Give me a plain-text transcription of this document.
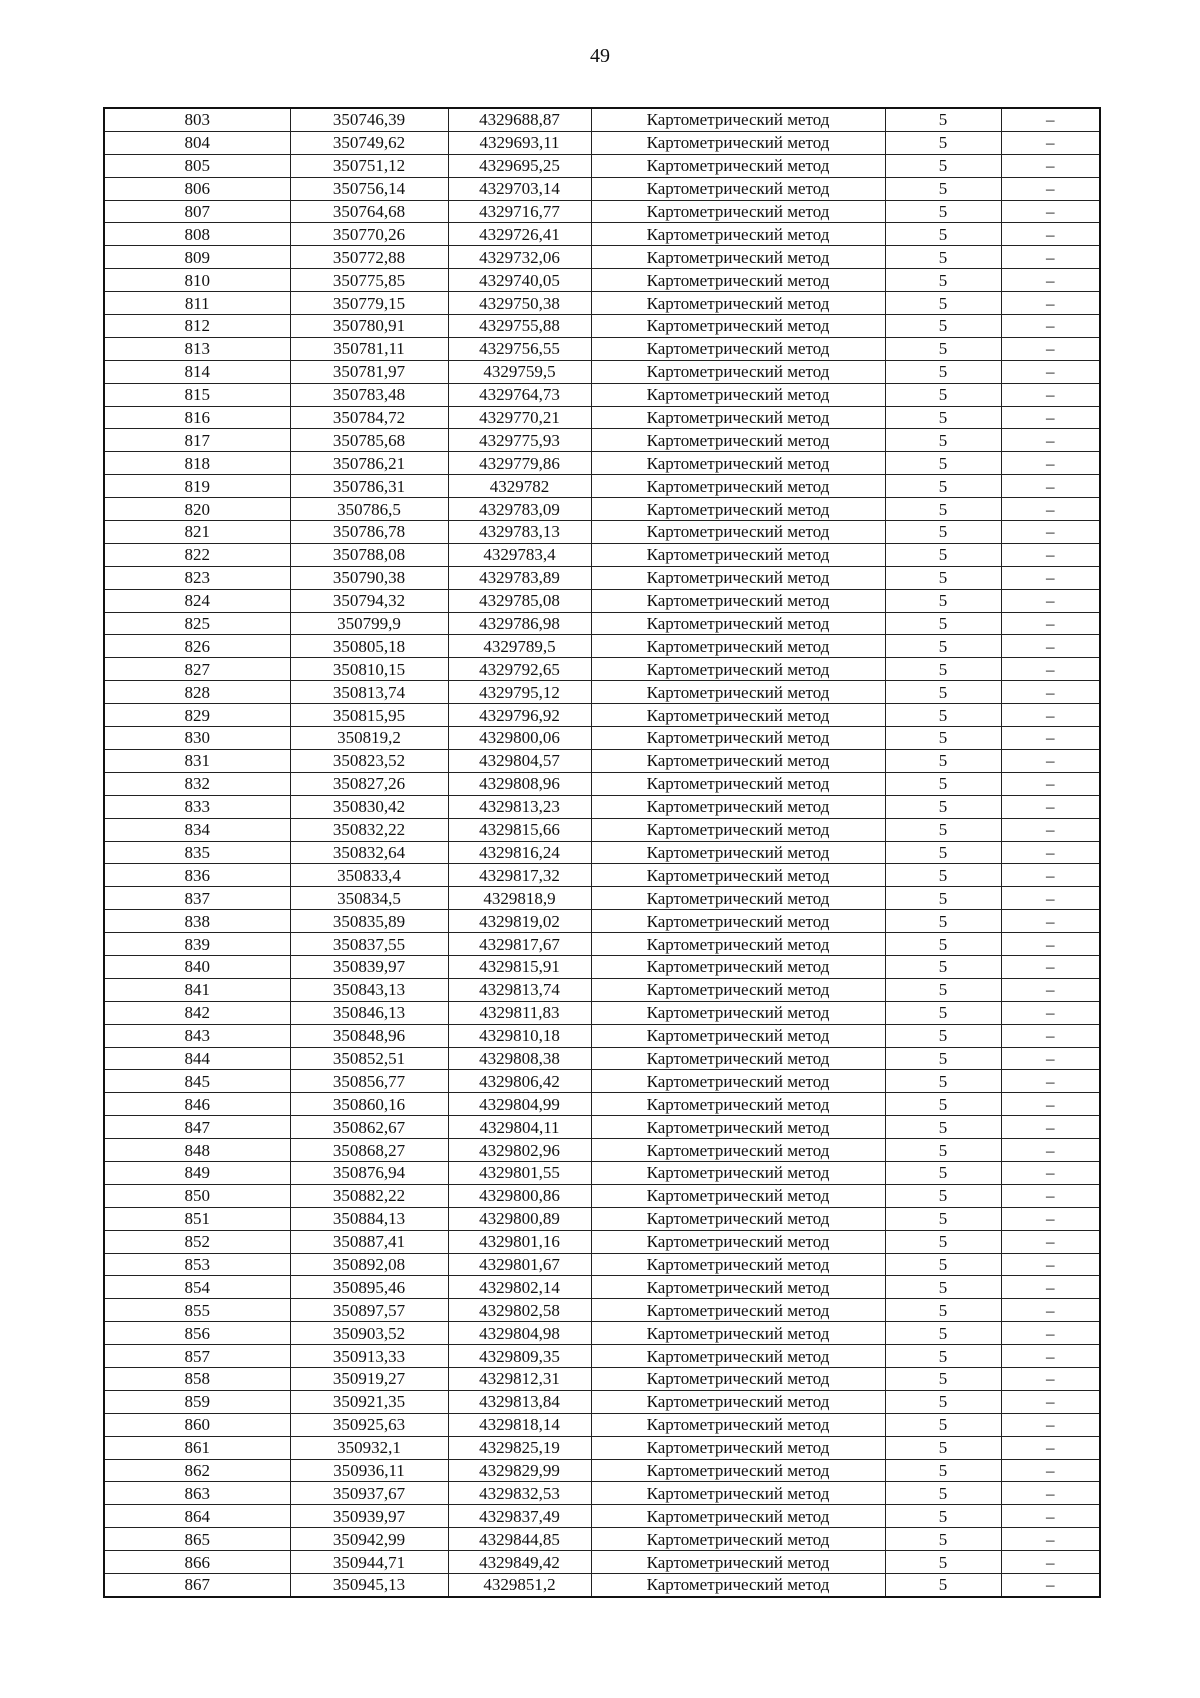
49
803	350746,39	4329688,87	Картометрический метод	5	–
804	350749,62	4329693,11	Картометрический метод	5	–
805	350751,12	4329695,25	Картометрический метод	5	–
806	350756,14	4329703,14	Картометрический метод	5	–
807	350764,68	4329716,77	Картометрический метод	5	–
808	350770,26	4329726,41	Картометрический метод	5	–
809	350772,88	4329732,06	Картометрический метод	5	–
810	350775,85	4329740,05	Картометрический метод	5	–
811	350779,15	4329750,38	Картометрический метод	5	–
812	350780,91	4329755,88	Картометрический метод	5	–
813	350781,11	4329756,55	Картометрический метод	5	–
814	350781,97	4329759,5	Картометрический метод	5	–
815	350783,48	4329764,73	Картометрический метод	5	–
816	350784,72	4329770,21	Картометрический метод	5	–
817	350785,68	4329775,93	Картометрический метод	5	–
818	350786,21	4329779,86	Картометрический метод	5	–
819	350786,31	4329782	Картометрический метод	5	–
820	350786,5	4329783,09	Картометрический метод	5	–
821	350786,78	4329783,13	Картометрический метод	5	–
822	350788,08	4329783,4	Картометрический метод	5	–
823	350790,38	4329783,89	Картометрический метод	5	–
824	350794,32	4329785,08	Картометрический метод	5	–
825	350799,9	4329786,98	Картометрический метод	5	–
826	350805,18	4329789,5	Картометрический метод	5	–
827	350810,15	4329792,65	Картометрический метод	5	–
828	350813,74	4329795,12	Картометрический метод	5	–
829	350815,95	4329796,92	Картометрический метод	5	–
830	350819,2	4329800,06	Картометрический метод	5	–
831	350823,52	4329804,57	Картометрический метод	5	–
832	350827,26	4329808,96	Картометрический метод	5	–
833	350830,42	4329813,23	Картометрический метод	5	–
834	350832,22	4329815,66	Картометрический метод	5	–
835	350832,64	4329816,24	Картометрический метод	5	–
836	350833,4	4329817,32	Картометрический метод	5	–
837	350834,5	4329818,9	Картометрический метод	5	–
838	350835,89	4329819,02	Картометрический метод	5	–
839	350837,55	4329817,67	Картометрический метод	5	–
840	350839,97	4329815,91	Картометрический метод	5	–
841	350843,13	4329813,74	Картометрический метод	5	–
842	350846,13	4329811,83	Картометрический метод	5	–
843	350848,96	4329810,18	Картометрический метод	5	–
844	350852,51	4329808,38	Картометрический метод	5	–
845	350856,77	4329806,42	Картометрический метод	5	–
846	350860,16	4329804,99	Картометрический метод	5	–
847	350862,67	4329804,11	Картометрический метод	5	–
848	350868,27	4329802,96	Картометрический метод	5	–
849	350876,94	4329801,55	Картометрический метод	5	–
850	350882,22	4329800,86	Картометрический метод	5	–
851	350884,13	4329800,89	Картометрический метод	5	–
852	350887,41	4329801,16	Картометрический метод	5	–
853	350892,08	4329801,67	Картометрический метод	5	–
854	350895,46	4329802,14	Картометрический метод	5	–
855	350897,57	4329802,58	Картометрический метод	5	–
856	350903,52	4329804,98	Картометрический метод	5	–
857	350913,33	4329809,35	Картометрический метод	5	–
858	350919,27	4329812,31	Картометрический метод	5	–
859	350921,35	4329813,84	Картометрический метод	5	–
860	350925,63	4329818,14	Картометрический метод	5	–
861	350932,1	4329825,19	Картометрический метод	5	–
862	350936,11	4329829,99	Картометрический метод	5	–
863	350937,67	4329832,53	Картометрический метод	5	–
864	350939,97	4329837,49	Картометрический метод	5	–
865	350942,99	4329844,85	Картометрический метод	5	–
866	350944,71	4329849,42	Картометрический метод	5	–
867	350945,13	4329851,2	Картометрический метод	5	–
